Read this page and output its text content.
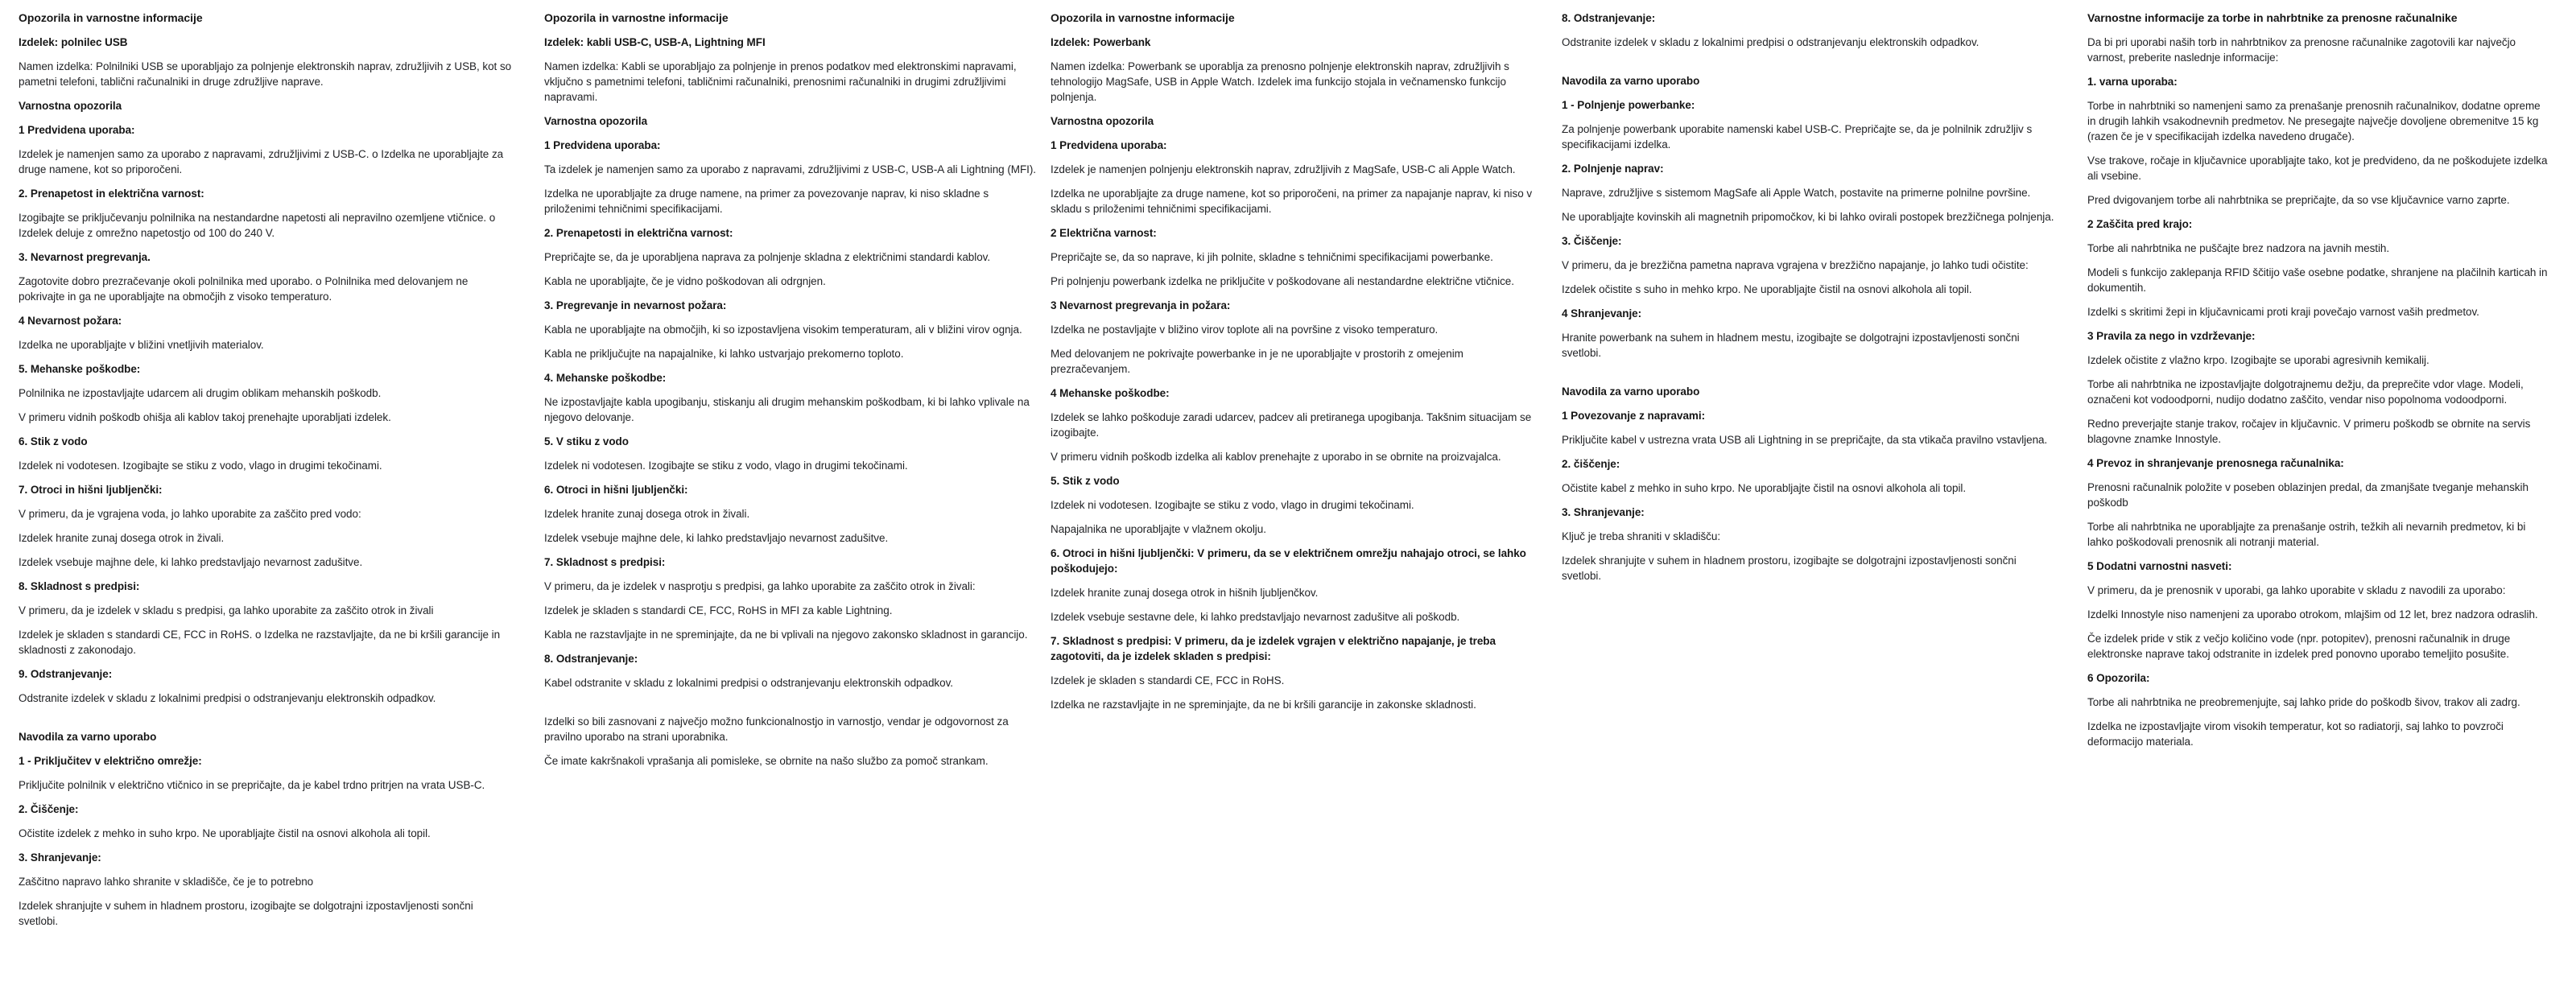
Opozorila in varnostne informacije
Izdelek: polnilec USB
Namen izdelka: Polnilniki USB se uporabljajo za polnjenje elektronskih naprav, združljivih z USB, kot so pametni telefoni, tablični računalniki in druge združljive naprave.
Varnostna opozorila
1 Predvidena uporaba:
Izdelek je namenjen samo za uporabo z napravami, združljivimi z USB-C. o Izdelka ne uporabljajte za druge namene, kot so priporočeni.
2. Prenapetost in električna varnost:
Izogibajte se priključevanju polnilnika na nestandardne napetosti ali nepravilno ozemljene vtičnice. o Izdelek deluje z omrežno napetostjo od 100 do 240 V.
3. Nevarnost pregrevanja.
Zagotovite dobro prezračevanje okoli polnilnika med uporabo. o Polnilnika med delovanjem ne pokrivajte in ga ne uporabljajte na območjih z visoko temperaturo.
4 Nevarnost požara:
Izdelka ne uporabljajte v bližini vnetljivih materialov.
5. Mehanske poškodbe:
Polnilnika ne izpostavljajte udarcem ali drugim oblikam mehanskih poškodb.
V primeru vidnih poškodb ohišja ali kablov takoj prenehajte uporabljati izdelek.
6. Stik z vodo
Izdelek ni vodotesen. Izogibajte se stiku z vodo, vlago in drugimi tekočinami.
7. Otroci in hišni ljubljenčki:
V primeru, da je vgrajena voda, jo lahko uporabite za zaščito pred vodo:
Izdelek hranite zunaj dosega otrok in živali.
Izdelek vsebuje majhne dele, ki lahko predstavljajo nevarnost zadušitve.
8. Skladnost s predpisi:
V primeru, da je izdelek v skladu s predpisi, ga lahko uporabite za zaščito otrok in živali
Izdelek je skladen s standardi CE, FCC in RoHS. o Izdelka ne razstavljajte, da ne bi kršili garancije in skladnosti z zakonodajo.
9. Odstranjevanje:
Odstranite izdelek v skladu z lokalnimi predpisi o odstranjevanju elektronskih odpadkov.
Navodila za varno uporabo
1 - Priključitev v električno omrežje:
Priključite polnilnik v električno vtičnico in se prepričajte, da je kabel trdno pritrjen na vrata USB-C.
2. Čiščenje:
Očistite izdelek z mehko in suho krpo. Ne uporabljajte čistil na osnovi alkohola ali topil.
3. Shranjevanje:
Zaščitno napravo lahko shranite v skladišče, če je to potrebno
Izdelek shranjujte v suhem in hladnem prostoru, izogibajte se dolgotrajni izpostavljenosti sončni svetlobi.
Opozorila in varnostne informacije
Izdelek: kabli USB-C, USB-A, Lightning MFI
Namen izdelka: Kabli se uporabljajo za polnjenje in prenos podatkov med elektronskimi napravami, vključno s pametnimi telefoni, tabličnimi računalniki, prenosnimi računalniki in drugimi združljivimi napravami.
Varnostna opozorila
1 Predvidena uporaba:
Ta izdelek je namenjen samo za uporabo z napravami, združljivimi z USB-C, USB-A ali Lightning (MFI).
Izdelka ne uporabljajte za druge namene, na primer za povezovanje naprav, ki niso skladne s priloženimi tehničnimi specifikacijami.
2. Prenapetosti in električna varnost:
Prepričajte se, da je uporabljena naprava za polnjenje skladna z električnimi standardi kablov.
Kabla ne uporabljajte, če je vidno poškodovan ali odrgnjen.
3. Pregrevanje in nevarnost požara:
Kabla ne uporabljajte na območjih, ki so izpostavljena visokim temperaturam, ali v bližini virov ognja.
Kabla ne priključujte na napajalnike, ki lahko ustvarjajo prekomerno toploto.
4. Mehanske poškodbe:
Ne izpostavljajte kabla upogibanju, stiskanju ali drugim mehanskim poškodbam, ki bi lahko vplivale na njegovo delovanje.
5. V stiku z vodo
Izdelek ni vodotesen. Izogibajte se stiku z vodo, vlago in drugimi tekočinami.
6. Otroci in hišni ljubljenčki:
Izdelek hranite zunaj dosega otrok in živali.
Izdelek vsebuje majhne dele, ki lahko predstavljajo nevarnost zadušitve.
7. Skladnost s predpisi:
V primeru, da je izdelek v nasprotju s predpisi, ga lahko uporabite za zaščito otrok in živali:
Izdelek je skladen s standardi CE, FCC, RoHS in MFI za kable Lightning.
Kabla ne razstavljajte in ne spreminjajte, da ne bi vplivali na njegovo zakonsko skladnost in garancijo.
8. Odstranjevanje:
Kabel odstranite v skladu z lokalnimi predpisi o odstranjevanju elektronskih odpadkov.
Izdelki so bili zasnovani z največjo možno funkcionalnostjo in varnostjo, vendar je odgovornost za pravilno uporabo na strani uporabnika.
Če imate kakršnakoli vprašanja ali pomisleke, se obrnite na našo službo za pomoč strankam.
Opozorila in varnostne informacije
Izdelek: Powerbank
Namen izdelka: Powerbank se uporablja za prenosno polnjenje elektronskih naprav, združljivih s tehnologijo MagSafe, USB in Apple Watch. Izdelek ima funkcijo stojala in večnamensko funkcijo polnjenja.
Varnostna opozorila
1 Predvidena uporaba:
Izdelek je namenjen polnjenju elektronskih naprav, združljivih z MagSafe, USB-C ali Apple Watch.
Izdelka ne uporabljajte za druge namene, kot so priporočeni, na primer za napajanje naprav, ki niso v skladu s priloženimi tehničnimi specifikacijami.
2 Električna varnost:
Prepričajte se, da so naprave, ki jih polnite, skladne s tehničnimi specifikacijami powerbanke.
Pri polnjenju powerbank izdelka ne priključite v poškodovane ali nestandardne električne vtičnice.
3 Nevarnost pregrevanja in požara:
Izdelka ne postavljajte v bližino virov toplote ali na površine z visoko temperaturo.
Med delovanjem ne pokrivajte powerbanke in je ne uporabljajte v prostorih z omejenim prezračevanjem.
4 Mehanske poškodbe:
Izdelek se lahko poškoduje zaradi udarcev, padcev ali pretiranega upogibanja. Takšnim situacijam se izogibajte.
V primeru vidnih poškodb izdelka ali kablov prenehajte z uporabo in se obrnite na proizvajalca.
5. Stik z vodo
Izdelek ni vodotesen. Izogibajte se stiku z vodo, vlago in drugimi tekočinami.
Napajalnika ne uporabljajte v vlažnem okolju.
6. Otroci in hišni ljubljenčki: V primeru, da se v električnem omrežju nahajajo otroci, se lahko poškodujejo:
Izdelek hranite zunaj dosega otrok in hišnih ljubljenčkov.
Izdelek vsebuje sestavne dele, ki lahko predstavljajo nevarnost zadušitve ali poškodb.
7. Skladnost s predpisi: V primeru, da je izdelek vgrajen v električno napajanje, je treba zagotoviti, da je izdelek skladen s predpisi:
Izdelek je skladen s standardi CE, FCC in RoHS.
Izdelka ne razstavljajte in ne spreminjajte, da ne bi kršili garancije in zakonske skladnosti.
8. Odstranjevanje:
Odstranite izdelek v skladu z lokalnimi predpisi o odstranjevanju elektronskih odpadkov.
Navodila za varno uporabo
1 - Polnjenje powerbanke:
Za polnjenje powerbank uporabite namenski kabel USB-C. Prepričajte se, da je polnilnik združljiv s specifikacijami izdelka.
2. Polnjenje naprav:
Naprave, združljive s sistemom MagSafe ali Apple Watch, postavite na primerne polnilne površine.
Ne uporabljajte kovinskih ali magnetnih pripomočkov, ki bi lahko ovirali postopek brezžičnega polnjenja.
3. Čiščenje:
V primeru, da je brezžična pametna naprava vgrajena v brezžično napajanje, jo lahko tudi očistite:
Izdelek očistite s suho in mehko krpo. Ne uporabljajte čistil na osnovi alkohola ali topil.
4 Shranjevanje:
Hranite powerbank na suhem in hladnem mestu, izogibajte se dolgotrajni izpostavljenosti sončni svetlobi.
Navodila za varno uporabo
1 Povezovanje z napravami:
Priključite kabel v ustrezna vrata USB ali Lightning in se prepričajte, da sta vtikača pravilno vstavljena.
2. čiščenje:
Očistite kabel z mehko in suho krpo. Ne uporabljajte čistil na osnovi alkohola ali topil.
3. Shranjevanje:
Ključ je treba shraniti v skladišču:
Izdelek shranjujte v suhem in hladnem prostoru, izogibajte se dolgotrajni izpostavljenosti sončni svetlobi.
Varnostne informacije za torbe in nahrbtnike za prenosne računalnike
Da bi pri uporabi naših torb in nahrbtnikov za prenosne računalnike zagotovili kar največjo varnost, preberite naslednje informacije:
1. varna uporaba:
Torbe in nahrbtniki so namenjeni samo za prenašanje prenosnih računalnikov, dodatne opreme in drugih lahkih vsakodnevnih predmetov. Ne presegajte največje dovoljene obremenitve 15 kg (razen če je v specifikacijah izdelka navedeno drugače).
Vse trakove, ročaje in ključavnice uporabljajte tako, kot je predvideno, da ne poškodujete izdelka ali vsebine.
Pred dvigovanjem torbe ali nahrbtnika se prepričajte, da so vse ključavnice varno zaprte.
2 Zaščita pred krajo:
Torbe ali nahrbtnika ne puščajte brez nadzora na javnih mestih.
Modeli s funkcijo zaklepanja RFID ščitijo vaše osebne podatke, shranjene na plačilnih karticah in dokumentih.
Izdelki s skritimi žepi in ključavnicami proti kraji povečajo varnost vaših predmetov.
3 Pravila za nego in vzdrževanje:
Izdelek očistite z vlažno krpo. Izogibajte se uporabi agresivnih kemikalij.
Torbe ali nahrbtnika ne izpostavljajte dolgotrajnemu dežju, da preprečite vdor vlage. Modeli, označeni kot vodoodporni, nudijo dodatno zaščito, vendar niso popolnoma vodoodporni.
Redno preverjajte stanje trakov, ročajev in ključavnic. V primeru poškodb se obrnite na servis blagovne znamke Innostyle.
4 Prevoz in shranjevanje prenosnega računalnika:
Prenosni računalnik položite v poseben oblazinjen predal, da zmanjšate tveganje mehanskih poškodb
Torbe ali nahrbtnika ne uporabljajte za prenašanje ostrih, težkih ali nevarnih predmetov, ki bi lahko poškodovali prenosnik ali notranji material.
5 Dodatni varnostni nasveti:
V primeru, da je prenosnik v uporabi, ga lahko uporabite v skladu z navodili za uporabo:
Izdelki Innostyle niso namenjeni za uporabo otrokom, mlajšim od 12 let, brez nadzora odraslih.
Če izdelek pride v stik z večjo količino vode (npr. potopitev), prenosni računalnik in druge elektronske naprave takoj odstranite in izdelek pred ponovno uporabo temeljito posušite.
6 Opozorila:
Torbe ali nahrbtnika ne preobremenjujte, saj lahko pride do poškodb šivov, trakov ali zadrg.
Izdelka ne izpostavljajte virom visokih temperatur, kot so radiatorji, saj lahko to povzroči deformacijo materiala.
